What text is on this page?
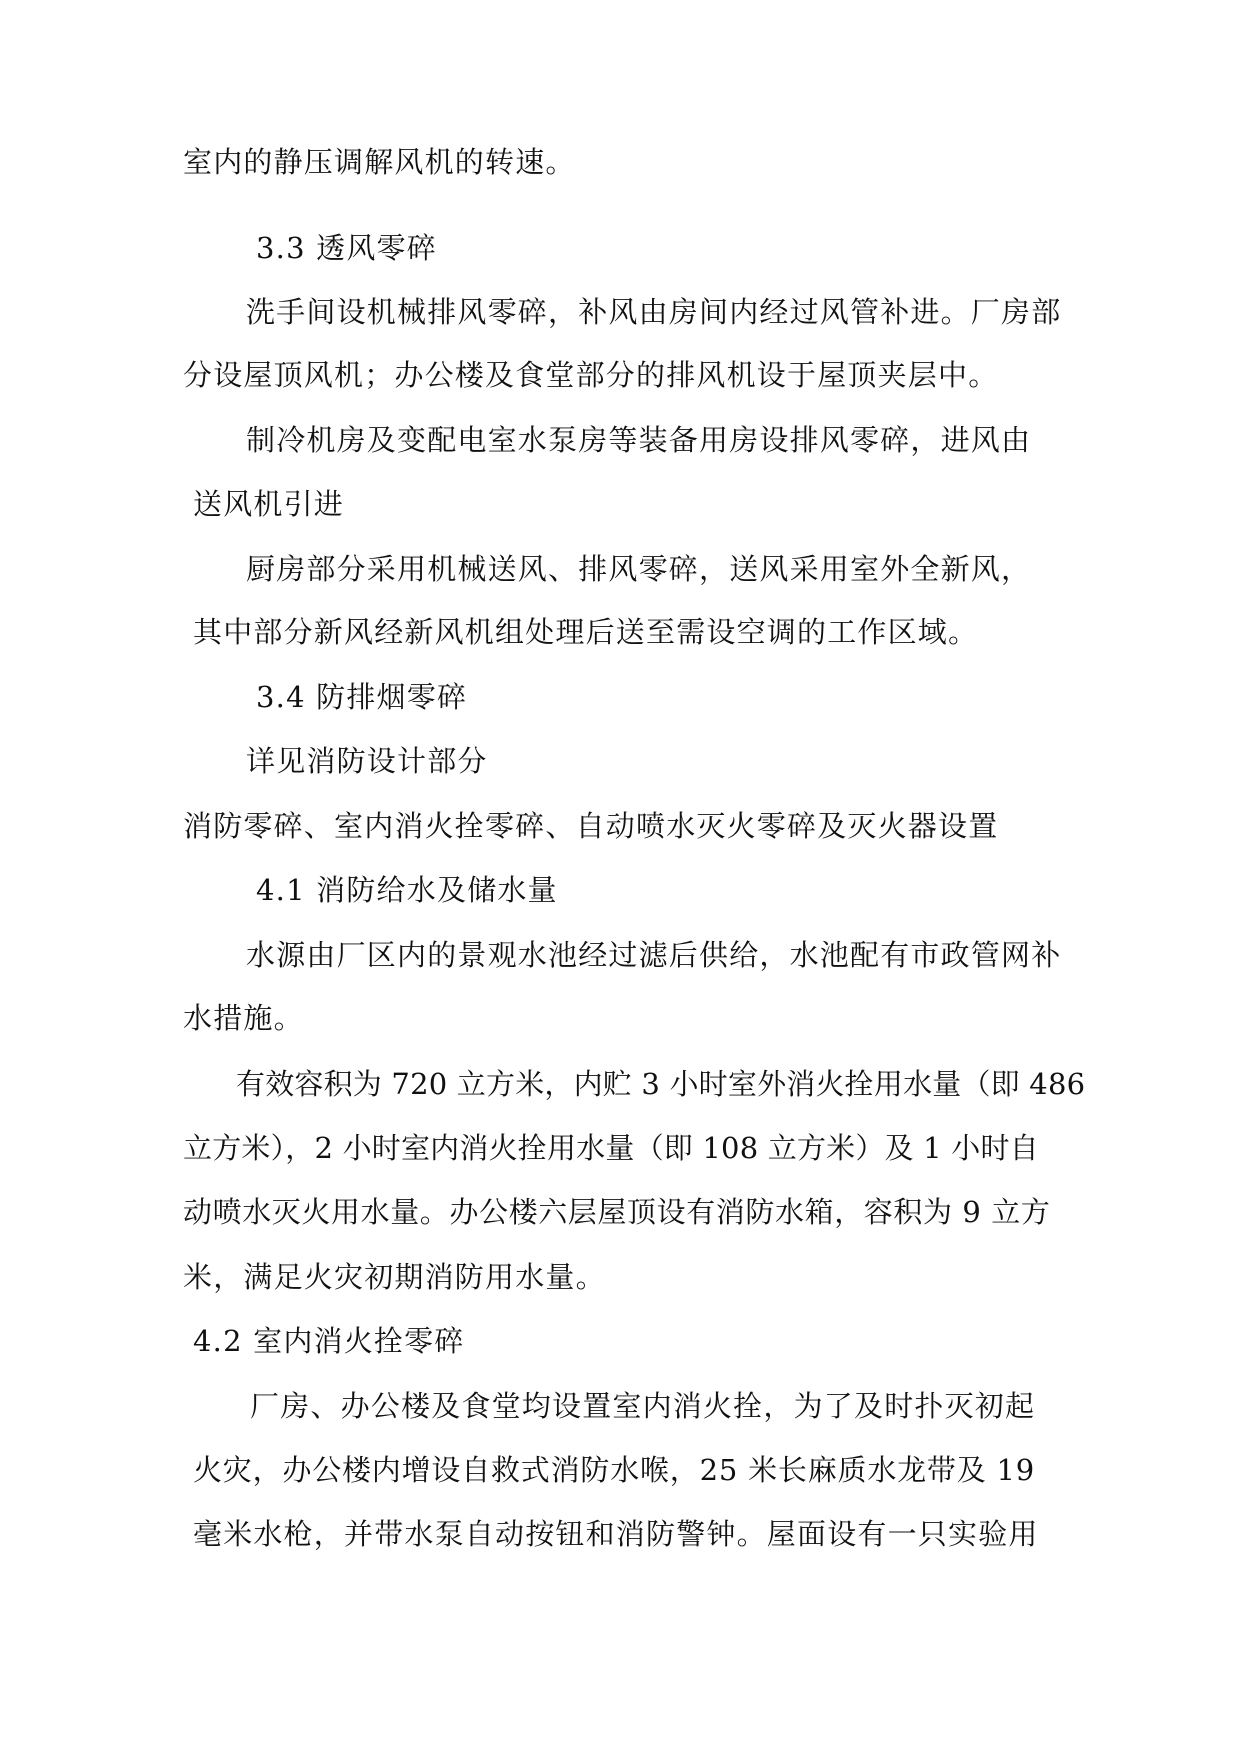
室内的静压调解风机的转速。
3.3 透风零碎
洗手间设机械排风零碎，补风由房间内经过风管补进。厂房部
分设屋顶风机；办公楼及食堂部分的排风机设于屋顶夹层中。
制冷机房及变配电室水泵房等装备用房设排风零碎，进风由
送风机引进
厨房部分采用机械送风、排风零碎，送风采用室外全新风，
其中部分新风经新风机组处理后送至需设空调的工作区域。
3.4 防排烟零碎
详见消防设计部分
消防零碎、室内消火拴零碎、自动喷水灭火零碎及灭火器设置
4.1 消防给水及储水量
水源由厂区内的景观水池经过滤后供给，水池配有市政管网补
水措施。
有效容积为 720 立方米，内贮 3 小时室外消火拴用水量（即 486
立方米），2 小时室内消火拴用水量（即 108 立方米）及 1 小时自
动喷水灭火用水量。办公楼六层屋顶设有消防水箱，容积为 9 立方
米，满足火灾初期消防用水量。
4.2 室内消火拴零碎
厂房、办公楼及食堂均设置室内消火拴，为了及时扑灭初起
火灾，办公楼内增设自救式消防水喉，25 米长麻质水龙带及 19
毫米水枪，并带水泵自动按钮和消防警钟。屋面设有一只实验用
